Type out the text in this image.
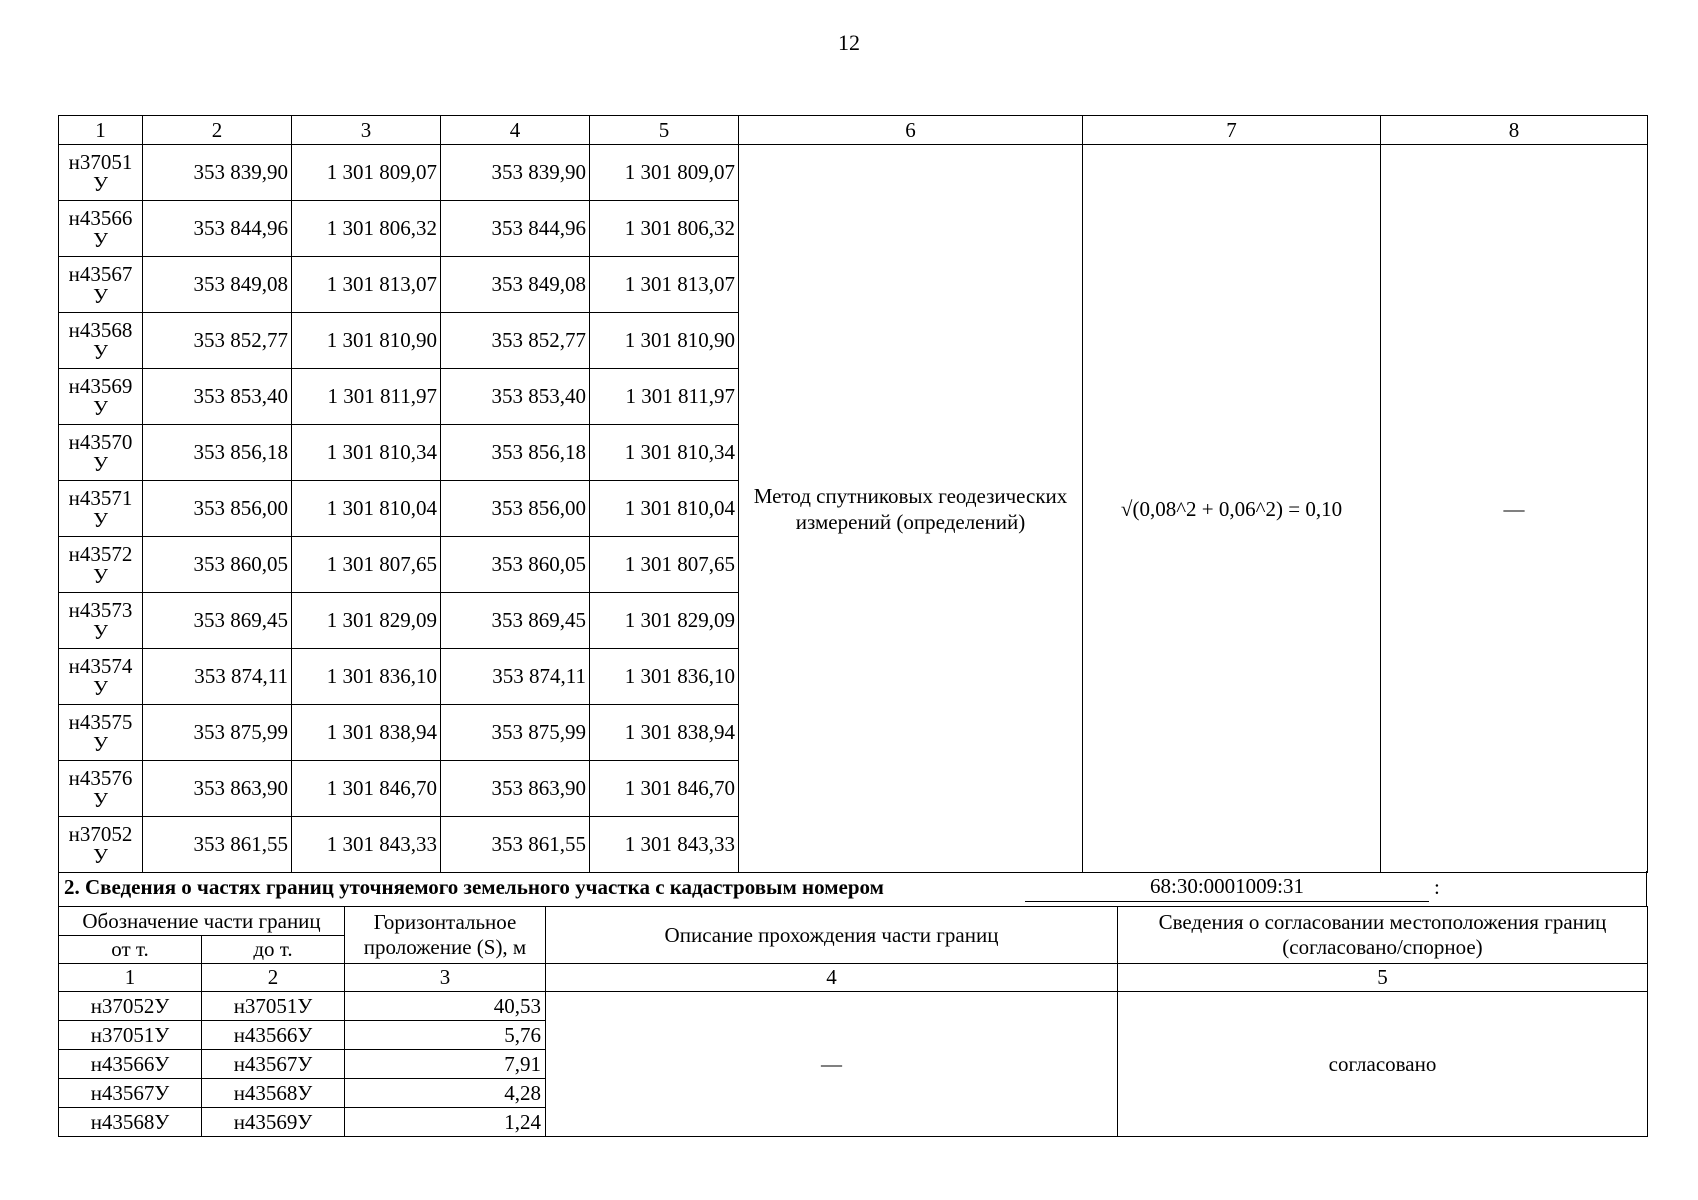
12
1	2	3	4	5	6	7	8
н37051
У	353 839,90	1 301 809,07	353 839,90	1 301 809,07	Метод спутниковых геодезических измерений (определений)	√(0,08^2 + 0,06^2) = 0,10	—
н43566
У	353 844,96	1 301 806,32	353 844,96	1 301 806,32			
н43567
У	353 849,08	1 301 813,07	353 849,08	1 301 813,07			
н43568
У	353 852,77	1 301 810,90	353 852,77	1 301 810,90			
н43569
У	353 853,40	1 301 811,97	353 853,40	1 301 811,97			
н43570
У	353 856,18	1 301 810,34	353 856,18	1 301 810,34			
н43571
У	353 856,00	1 301 810,04	353 856,00	1 301 810,04			
н43572
У	353 860,05	1 301 807,65	353 860,05	1 301 807,65			
н43573
У	353 869,45	1 301 829,09	353 869,45	1 301 829,09			
н43574
У	353 874,11	1 301 836,10	353 874,11	1 301 836,10			
н43575
У	353 875,99	1 301 838,94	353 875,99	1 301 838,94			
н43576
У	353 863,90	1 301 846,70	353 863,90	1 301 846,70			
н37052
У	353 861,55	1 301 843,33	353 861,55	1 301 843,33			
2. Сведения о частях границ уточняемого земельного участка с кадастровым номером	68:30:0001009:31	:
Обозначение части границ		Горизонтальное проложение (S), м	Описание прохождения части границ	Сведения о согласовании местоположения границ (согласовано/спорное)
от т.	до т.			
1	2	3	4	5
н37052У	н37051У	40,53	—	согласовано
н37051У	н43566У	5,76		
н43566У	н43567У	7,91		
н43567У	н43568У	4,28		
н43568У	н43569У	1,24		
